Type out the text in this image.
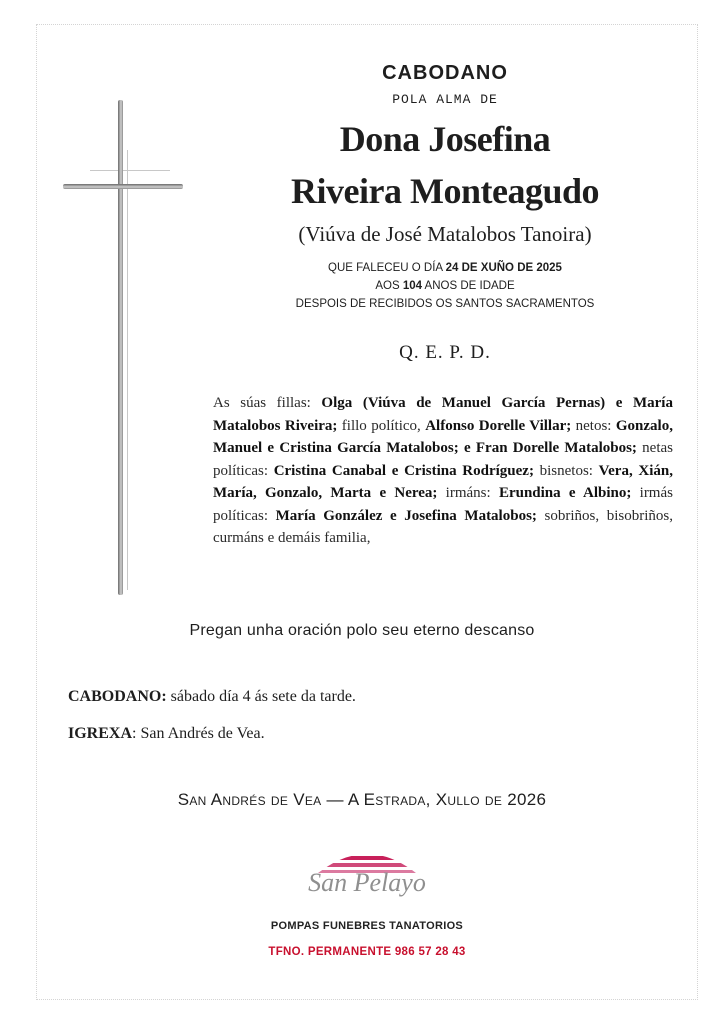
CABODANO
POLA ALMA DE
Dona Josefina
Riveira Monteagudo
(Viúva de José Matalobos Tanoira)
QUE FALECEU O DÍA 24 DE XUÑO DE 2025
AOS 104 ANOS DE IDADE
DESPOIS DE RECIBIDOS OS SANTOS SACRAMENTOS
Q. E. P. D.
As súas fillas: Olga (Viúva de Manuel García Pernas) e María Matalobos Riveira; fillo político, Alfonso Dorelle Villar; netos: Gonzalo, Manuel e Cristina García Matalobos; e Fran Dorelle Matalobos; netas políticas: Cristina Canabal e Cristina Rodríguez; bisnetos: Vera, Xián, María, Gonzalo, Marta e Nerea; irmáns: Erundina e Albino; irmás políticas: María González e Josefina Matalobos; sobriños, bisobriños, curmáns e demáis familia,
Pregan unha oración polo seu eterno descanso
CABODANO: sábado día 4 ás sete da tarde.
IGREXA: San Andrés de Vea.
San Andrés de Vea — A Estrada, Xullo de 2026
San Pelayo
POMPAS FUNEBRES TANATORIOS
TFNO. PERMANENTE 986 57 28 43
